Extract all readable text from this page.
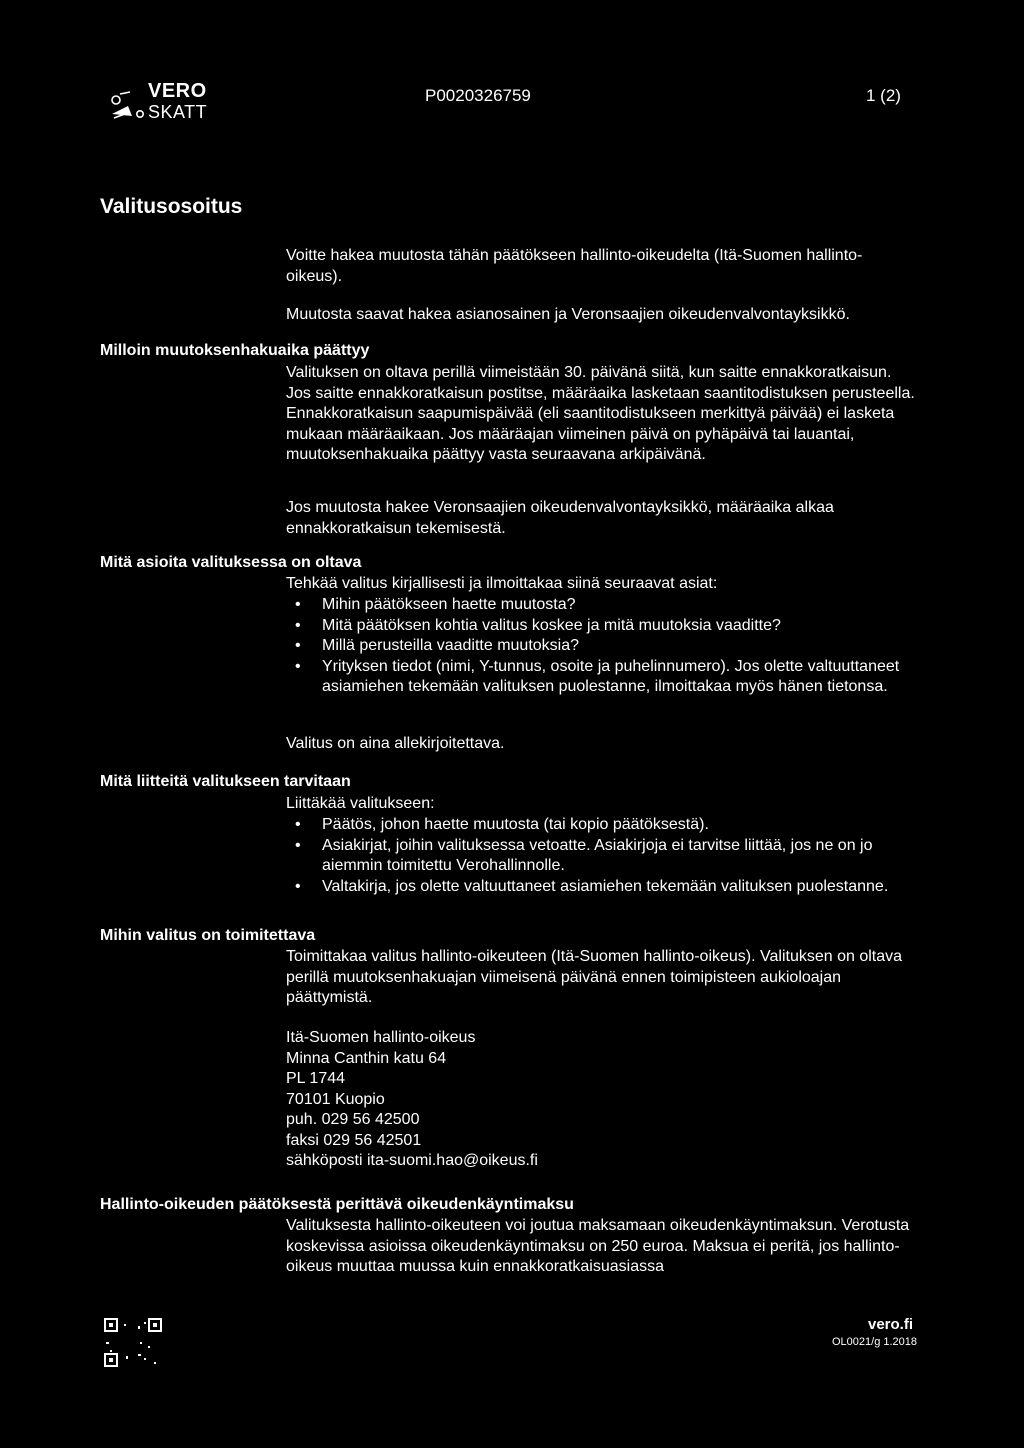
VERO
SKATT
P0020326759	1 (2)
Valitusosoitus

Voitte hakea muutosta tähän päätökseen hallinto-oikeudelta (Itä-Suomen hallinto-oikeus).

Muutosta saavat hakea asianosainen ja Veronsaajien oikeudenvalvontayksikkö.

Milloin muutoksenhakuaika päättyy

Valituksen on oltava perillä viimeistään 30. päivänä siitä, kun saitte ennakkoratkaisun. Jos saitte ennakkoratkaisun postitse, määräaika lasketaan saantitodistuksen perusteella. Ennakkoratkaisun saapumispäivää (eli saantitodistukseen merkittyä päivää) ei lasketa mukaan määräaikaan. Jos määräajan viimeinen päivä on pyhäpäivä tai lauantai, muutoksenhakuaika päättyy vasta seuraavana arkipäivänä.

Jos muutosta hakee Veronsaajien oikeudenvalvontayksikkö, määräaika alkaa ennakkoratkaisun tekemisestä.

Mitä asioita valituksessa on oltava

Tehkää valitus kirjallisesti ja ilmoittakaa siinä seuraavat asiat:

• Mihin päätökseen haette muutosta?
• Mitä päätöksen kohtia valitus koskee ja mitä muutoksia vaaditte?
• Millä perusteilla vaaditte muutoksia?
• Yrityksen tiedot (nimi, Y-tunnus, osoite ja puhelinnumero). Jos olette valtuuttaneet asiamiehen tekemään valituksen puolestanne, ilmoittakaa myös hänen tietonsa.

Valitus on aina allekirjoitettava.

Mitä liitteitä valitukseen tarvitaan

Liittäkää valitukseen:

• Päätös, johon haette muutosta (tai kopio päätöksestä).
• Asiakirjat, joihin valituksessa vetoatte. Asiakirjoja ei tarvitse liittää, jos ne on jo aiemmin toimitettu Verohallinnolle.
• Valtakirja, jos olette valtuuttaneet asiamiehen tekemään valituksen puolestanne.
Mihin valitus on toimitettava

Toimittakaa valitus hallinto-oikeuteen (Itä-Suomen hallinto-oikeus). Valituksen on oltava perillä muutoksenhakuajan viimeisenä päivänä ennen toimipisteen aukioloajan päättymistä.

Itä-Suomen hallinto-oikeus
Minna Canthin katu 64
PL 1744
70101 Kuopio
puh. 029 56 42500
faksi 029 56 42501
sähköposti ita-suomi.hao@oikeus.fi
Hallinto-oikeuden päätöksestä perittävä oikeudenkäyntimaksu

Valituksesta hallinto-oikeuteen voi joutua maksamaan oikeudenkäyntimaksun. Verotusta koskevissa asioissa oikeudenkäyntimaksu on 250 euroa. Maksua ei peritä, jos hallinto-oikeus muuttaa muussa kuin ennakkoratkaisuasiassa

vero.fi
OL0021/g 1.2018
